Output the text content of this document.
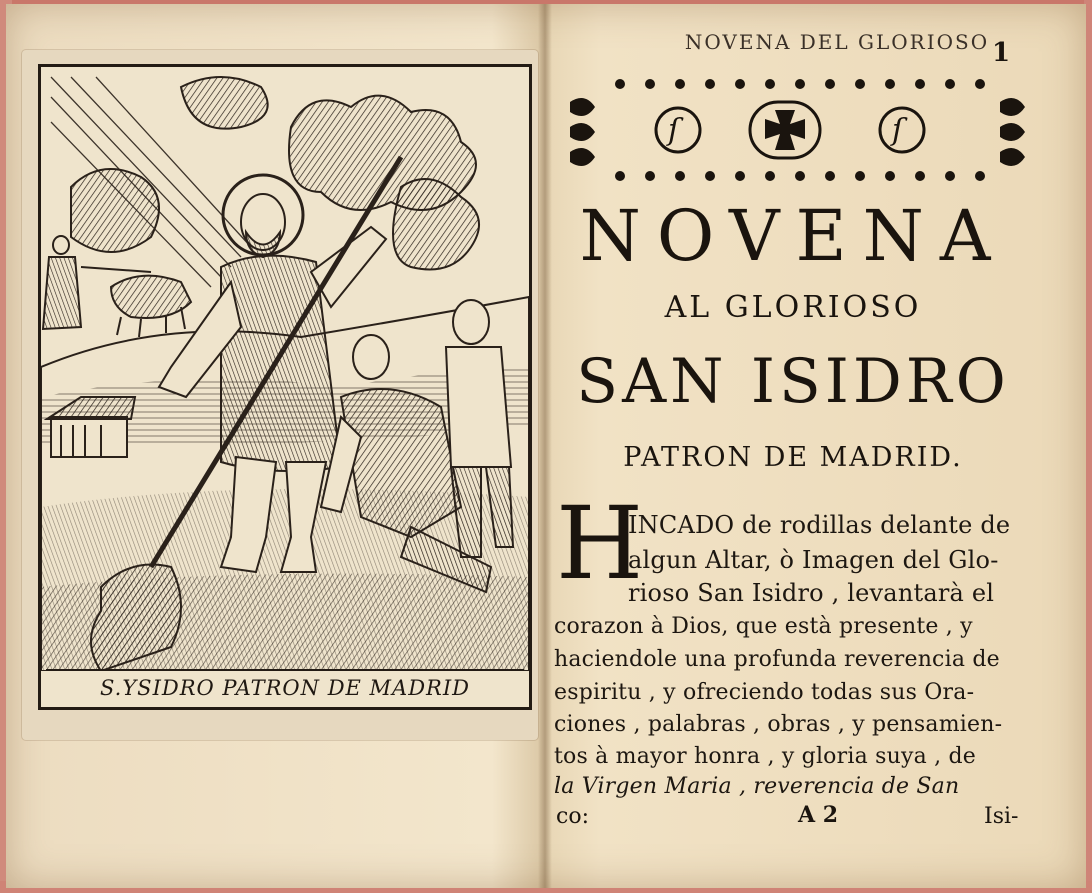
S.YSIDRO PATRON DE MADRID
NOVENA DEL GLORIOSO 1
ſ	ſ
NOVENA
AL GLORIOSO
SAN ISIDRO
PATRON DE MADRID.
H
INCADO de rodillas delante de
algun Altar, ò Imagen del Glo-
rioso San Isidro , levantarà el
corazon à Dios, que està presente , y
haciendole una profunda reverencia de
espiritu , y ofreciendo todas sus Ora-
ciones , palabras , obras , y pensamien-
tos à mayor honra , y gloria suya , de
la Virgen Maria , reverencia de San
co:	A 2	Isi-
